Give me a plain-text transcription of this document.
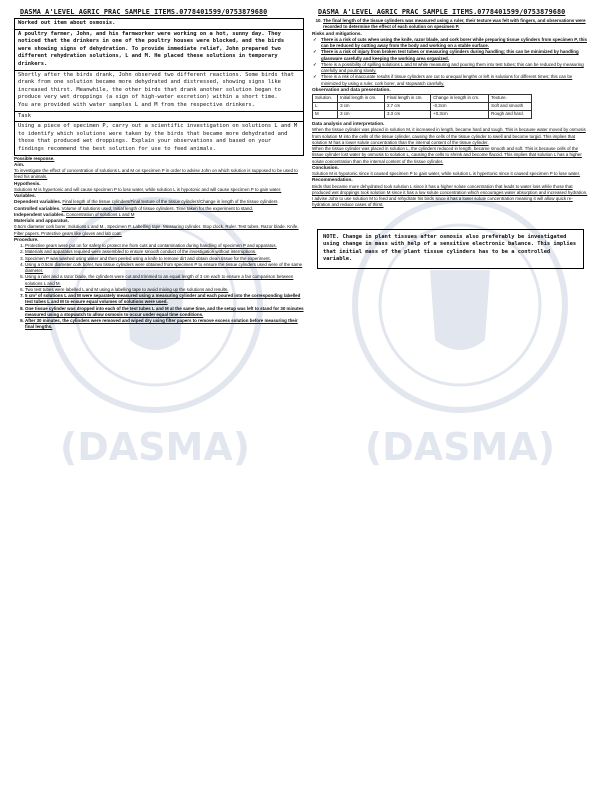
(DASMA)	(DASMA)
DASMA A'LEVEL AGRIC PRAC SAMPLE ITEMS.0778401599/0753879680
Worked out item about osmosis.

A poultry farmer, John, and his farmworker were working on a hot, sunny day. They noticed that the drinkers in one of the poultry houses were blocked, and the birds were showing signs of dehydration. To provide immediate relief, John prepared two different rehydration solutions, L and M. He placed these solutions in temporary drinkers.

Shortly after the birds drank, John observed two different reactions. Some birds that drank from one solution became more dehydrated and distressed, showing signs like increased thirst. Meanwhile, the other birds that drank another solution began to produce very wet droppings (a sign of high-water excretion) within a short time.

You are provided with water samples L and M from the respective drinkers.

Task

Using a piece of specimen P, carry out a scientific investigation on solutions L and M to identify which solutions were taken by the birds that became more dehydrated and those that produced wet droppings. Explain your observations and based on your findings recommend the best solution for use to feed animals.

Possible response.

Aim.

To investigate the effect of concentration of solutions L and M on specimen P in order to advise John on which solution is supposed to be used to feed his animals.

Hypothesis.

Solutions M is hypertonic and will cause specimen P to lose water, while solution L is hypotonic and will cause specimen P to gain water.

Variables.

Dependent variables. Final length of the tissue cylinders/Final texture of the tissue cylinders/Change in length of the tissue cylinders

Controlled variables. Volume of solutions used, Initial length of tissue cylinders. Time taken for the experiment to stand.

Independent variables. Concentration of solutions L and M

Materials and apparatus.

0.5cm diameter cork borer, Solutions L and M., Specimen P. Labelling tape. Measuring cylinder. Stop clock. Ruler. Test tubes. Razor blade. Knife. Filter papers. Protective gears like gloves and lab coat.

Procedure.

1. Protective gears were put on for safety to protect me from cuts and contamination during handling of specimen P and apparatus.
2. Materials and apparatus required were assembled to ensure smooth conduct of the investigation without interruptions.
3. Specimen P was washed using water and then peeled using a knife to remove dirt and obtain clean tissue for the experiment.
4. Using a 0.5cm diameter cork borer, two tissue cylinders were obtained from specimen P to ensure the tissue cylinders used were of the same diameter.
5. Using a ruler and a razor blade, the cylinders were cut and trimmed to an equal length of 3 cm each to ensure a fair comparison between solutions L and M.
6. Two test tubes were labelled L and M using a labelling tape to avoid mixing up the solutions and results.
7. 5 cm³ of solutions L and M were separately measured using a measuring cylinder and each poured into the corresponding labelled test tubes L and M to ensure equal volumes of solutions were used.
8. One tissue cylinder was dropped into each of the test tubes L and M at the same time, and the setup was left to stand for 30 minutes measured using a stopwatch to allow osmosis to occur under equal time conditions.
9. After 30 minutes, the cylinders were removed and wiped dry using filter papers to remove excess solution before measuring their final lengths.
DASMA A'LEVEL AGRIC PRAC SAMPLE ITEMS.0778401599/0753879680
10. The final length of the tissue cylinders was measured using a ruler, their texture was felt with fingers, and observations were recorded to determine the effect of each solution on specimen P.

Risks and mitigations.

✓ There is a risk of cuts when using the knife, razor blade, and cork borer while preparing tissue cylinders from specimen P, this can be reduced by cutting away from the body and working on a stable surface.
✓ There is a risk of injury from broken test tubes or measuring cylinders during handling; this can be minimized by handling glassware carefully and keeping the working area organized.
✓ There is a possibility of spilling solutions L and M while measuring and pouring them into test tubes; this can be reduced by measuring carefully and pouring slowly.
✓ There is a risk of inaccurate results if tissue cylinders are cut to unequal lengths or left in solutions for different times; this can be minimized by using a ruler, cork borer, and stopwatch carefully.

Observation and data presentation.

Solution.	Initial length in cm.	Final length in cm.	Change in length in cm.	Texture.
L	3 cm	2.7 cm	-0.3cm	Soft and smooth
M	3 cm	3.3 cm	+0.3cm	Rough and hard.

Data analysis and interpretation.

When the tissue cylinder was placed in solution M, it increased in length, became hard and tough. This is because water moved by osmosis from solution M into the cells of the tissue cylinder, causing the cells of the tissue cylinder to swell and become turgid. This implies that solution M has a lower solute concentration than the internal content of the tissue cylinder.

When the tissue cylinder was placed in solution L, the cylinders reduced in length, became smooth and soft. This is because cells of the tissue cylinder lost water by osmosis to solution L, causing the cells to shrink and become flaccid. This implies that solution L has a higher solute concentration than the internal content of the tissue cylinder.

Conclusion.

Solution M is hypotonic since it caused specimen P to gain water, while solution L is hypertonic since it caused specimen P to lose water.

Recommendation.

Birds that became more dehydrated took solution L since it has a higher solute concentration that leads to water loss while those that produced wet droppings took solution M since it has a low solute concentration which encourages water absorption and increased hydration.

I advise John to use solution M to feed and rehydrate his birds since it has a lower solute concentration meaning it will allow quick re-hydration and reduce cases of thirst.

NOTE. Change in plant tissues after osmosis also preferably be investigated using change in mass with help of a sensitive electronic balance. This implies that initial mass of the plant tissue cylinders has to be a controlled variable.
